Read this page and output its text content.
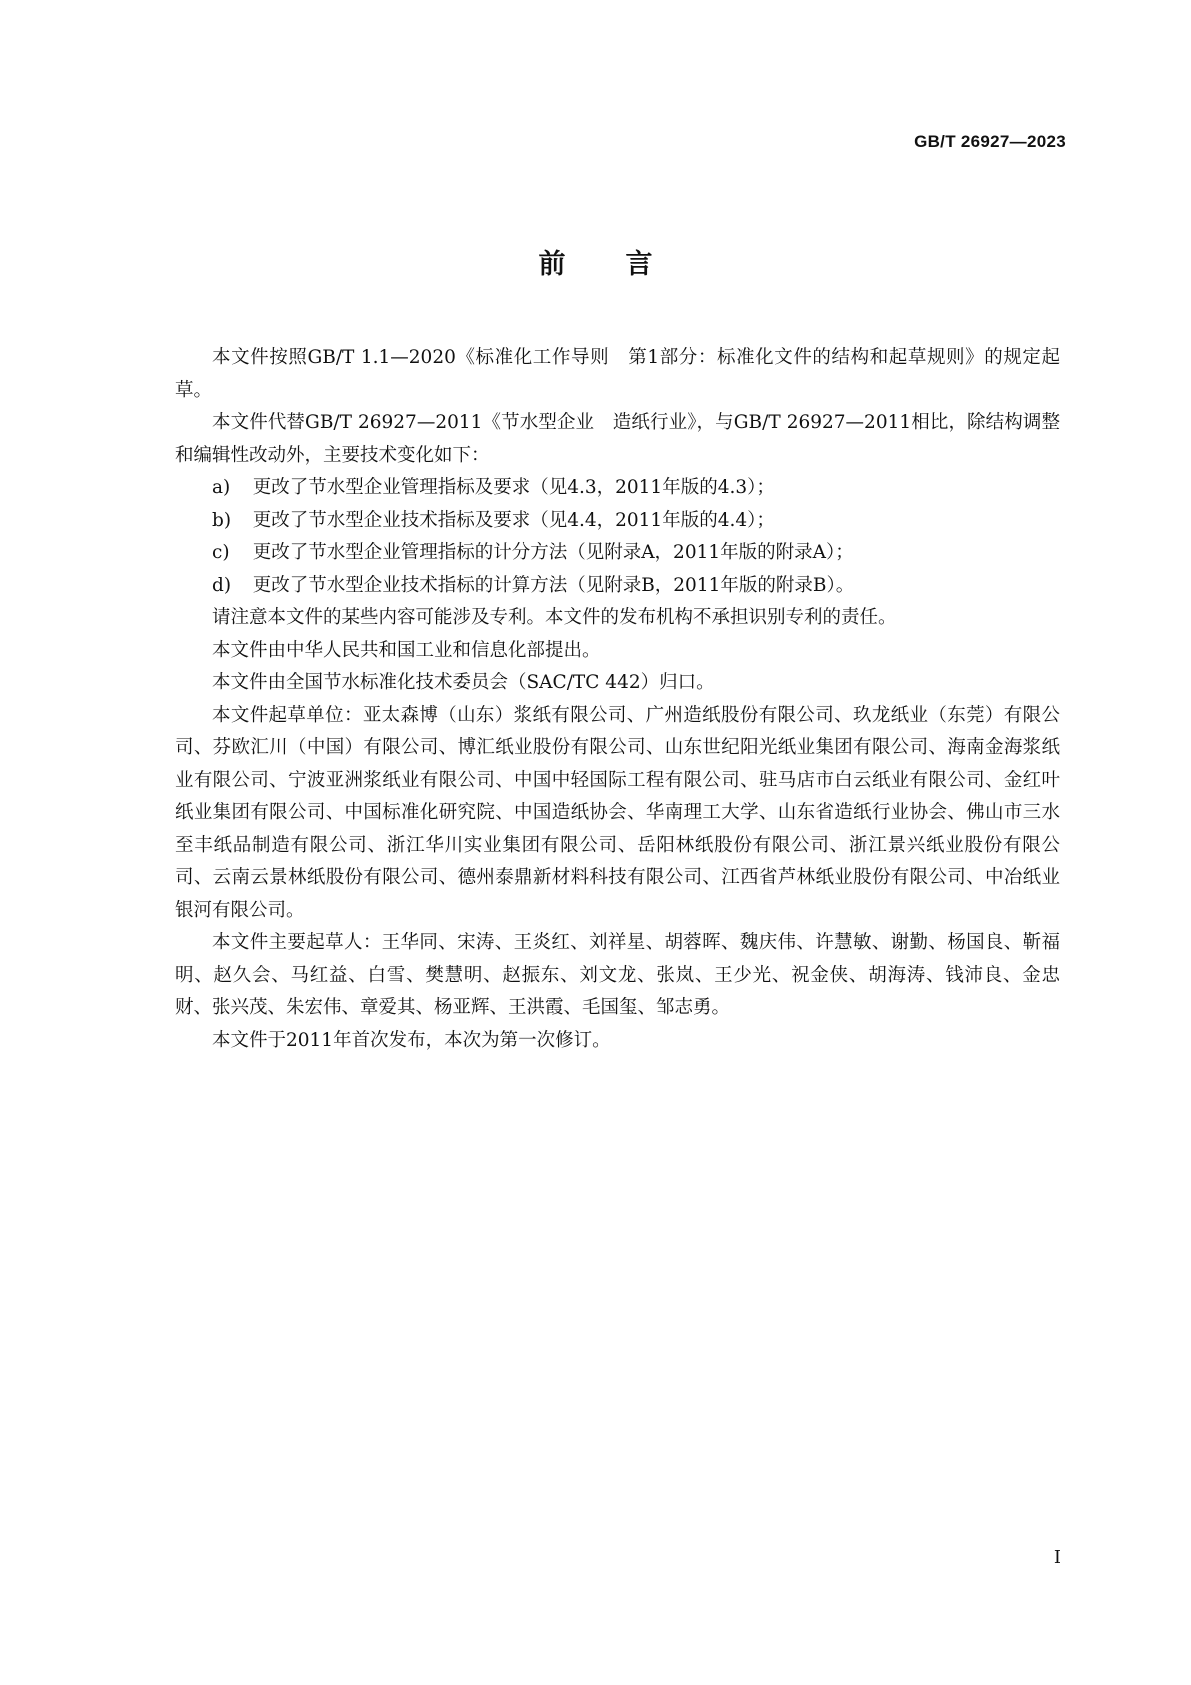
GB/T 26927—2023
前言

本文件按照GB/T 1.1—2020《标准化工作导则　第1部分：标准化文件的结构和起草规则》的规定起草。

本文件代替GB/T 26927—2011《节水型企业　造纸行业》，与GB/T 26927—2011相比，除结构调整和编辑性改动外，主要技术变化如下：

a) 更改了节水型企业管理指标及要求（见4.3，2011年版的4.3）；

b) 更改了节水型企业技术指标及要求（见4.4，2011年版的4.4）；

c) 更改了节水型企业管理指标的计分方法（见附录A，2011年版的附录A）；

d) 更改了节水型企业技术指标的计算方法（见附录B，2011年版的附录B）。

请注意本文件的某些内容可能涉及专利。本文件的发布机构不承担识别专利的责任。

本文件由中华人民共和国工业和信息化部提出。

本文件由全国节水标准化技术委员会（SAC/TC 442）归口。

本文件起草单位：亚太森博（山东）浆纸有限公司、广州造纸股份有限公司、玖龙纸业（东莞）有限公司、芬欧汇川（中国）有限公司、博汇纸业股份有限公司、山东世纪阳光纸业集团有限公司、海南金海浆纸业有限公司、宁波亚洲浆纸业有限公司、中国中轻国际工程有限公司、驻马店市白云纸业有限公司、金红叶纸业集团有限公司、中国标准化研究院、中国造纸协会、华南理工大学、山东省造纸行业协会、佛山市三水至丰纸品制造有限公司、浙江华川实业集团有限公司、岳阳林纸股份有限公司、浙江景兴纸业股份有限公司、云南云景林纸股份有限公司、德州泰鼎新材料科技有限公司、江西省芦林纸业股份有限公司、中冶纸业银河有限公司。

本文件主要起草人：王华同、宋涛、王炎红、刘祥星、胡蓉晖、魏庆伟、许慧敏、谢勤、杨国良、靳福明、赵久会、马红益、白雪、樊慧明、赵振东、刘文龙、张岚、王少光、祝金侠、胡海涛、钱沛良、金忠财、张兴茂、朱宏伟、章爱其、杨亚辉、王洪霞、毛国玺、邹志勇。

本文件于2011年首次发布，本次为第一次修订。

I
